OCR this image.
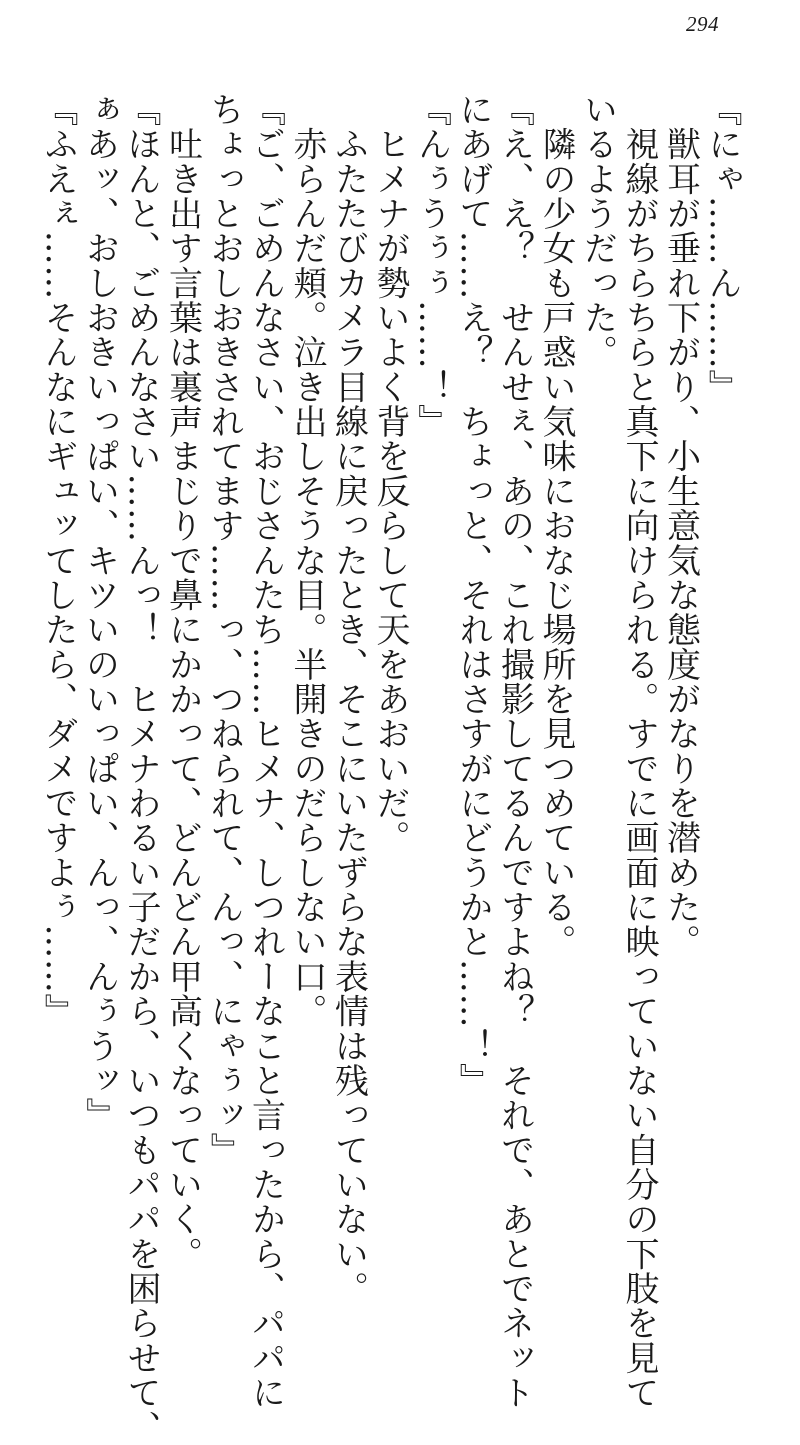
294
『にゃ……ん……』
　獣耳が垂れ下がり、小生意気な態度がなりを潜めた。
　視線がちらちらと真下に向けられる。すでに画面に映っていない自分の下肢を見て
いるようだった。
　隣の少女も戸惑い気味におなじ場所を見つめている。
『え、え？　せんせぇ、あの、これ撮影してるんですよね？　それで、あとでネット
にあげて……え？　ちょっと、それはさすがにどうかと……！』
『んぅうぅぅ……！』
　ヒメナが勢いよく背を反らして天をあおいだ。
　ふたたびカメラ目線に戻ったとき、そこにいたずらな表情は残っていない。
　赤らんだ頬。泣き出しそうな目。半開きのだらしない口。
『ご、ごめんなさい、おじさんたち……ヒメナ、しつれーなこと言ったから、パパに
ちょっとおしおきされてます……っ、つねられて、んっ、にゃぅッ』
　吐き出す言葉は裏声まじりで鼻にかかって、どんどん甲高くなっていく。
『ほんと、ごめんなさい……んっ！　ヒメナわるい子だから、いつもパパを困らせて、
ぁあッ、おしおきいっぱい、キツいのいっぱい、んっ、んぅうッ』
『ふえぇ……そんなにギュッてしたら、ダメですよぅ……』
